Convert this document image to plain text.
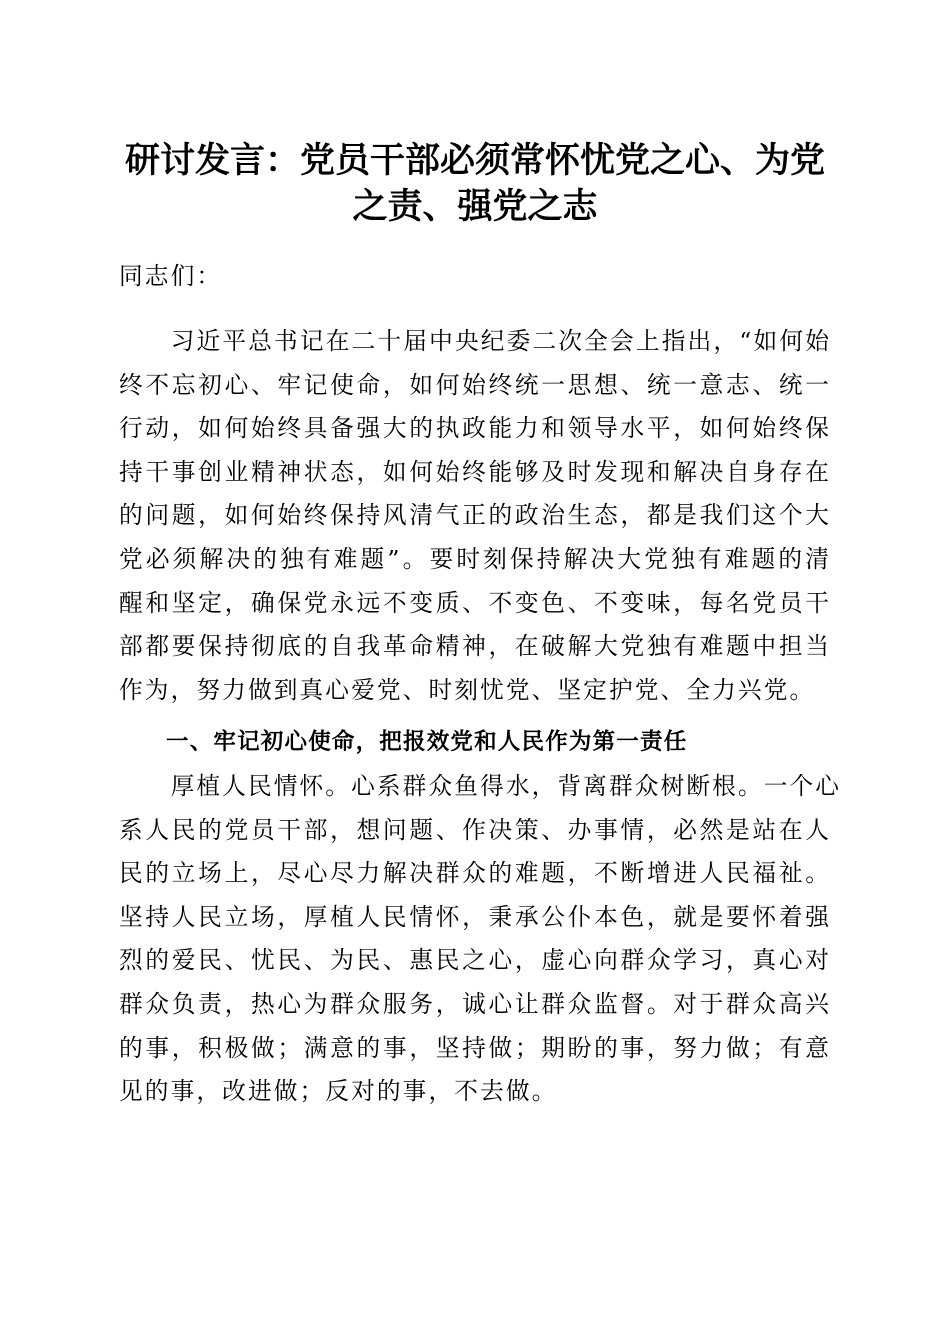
研讨发言：党员干部必须常怀忧党之心、为党
之责、强党之志

同志们：

　　习近平总书记在二十届中央纪委二次全会上指出，“如何始
终不忘初心、牢记使命，如何始终统一思想、统一意志、统一
行动，如何始终具备强大的执政能力和领导水平，如何始终保
持干事创业精神状态，如何始终能够及时发现和解决自身存在
的问题，如何始终保持风清气正的政治生态，都是我们这个大
党必须解决的独有难题”。要时刻保持解决大党独有难题的清
醒和坚定，确保党永远不变质、不变色、不变味，每名党员干
部都要保持彻底的自我革命精神，在破解大党独有难题中担当
作为，努力做到真心爱党、时刻忧党、坚定护党、全力兴党。
一、牢记初心使命，把报效党和人民作为第一责任
　　厚植人民情怀。心系群众鱼得水，背离群众树断根。一个心
系人民的党员干部，想问题、作决策、办事情，必然是站在人
民的立场上，尽心尽力解决群众的难题，不断增进人民福祉。
坚持人民立场，厚植人民情怀，秉承公仆本色，就是要怀着强
烈的爱民、忧民、为民、惠民之心，虚心向群众学习，真心对
群众负责，热心为群众服务，诚心让群众监督。对于群众高兴
的事，积极做；满意的事，坚持做；期盼的事，努力做；有意
见的事，改进做；反对的事，不去做。
